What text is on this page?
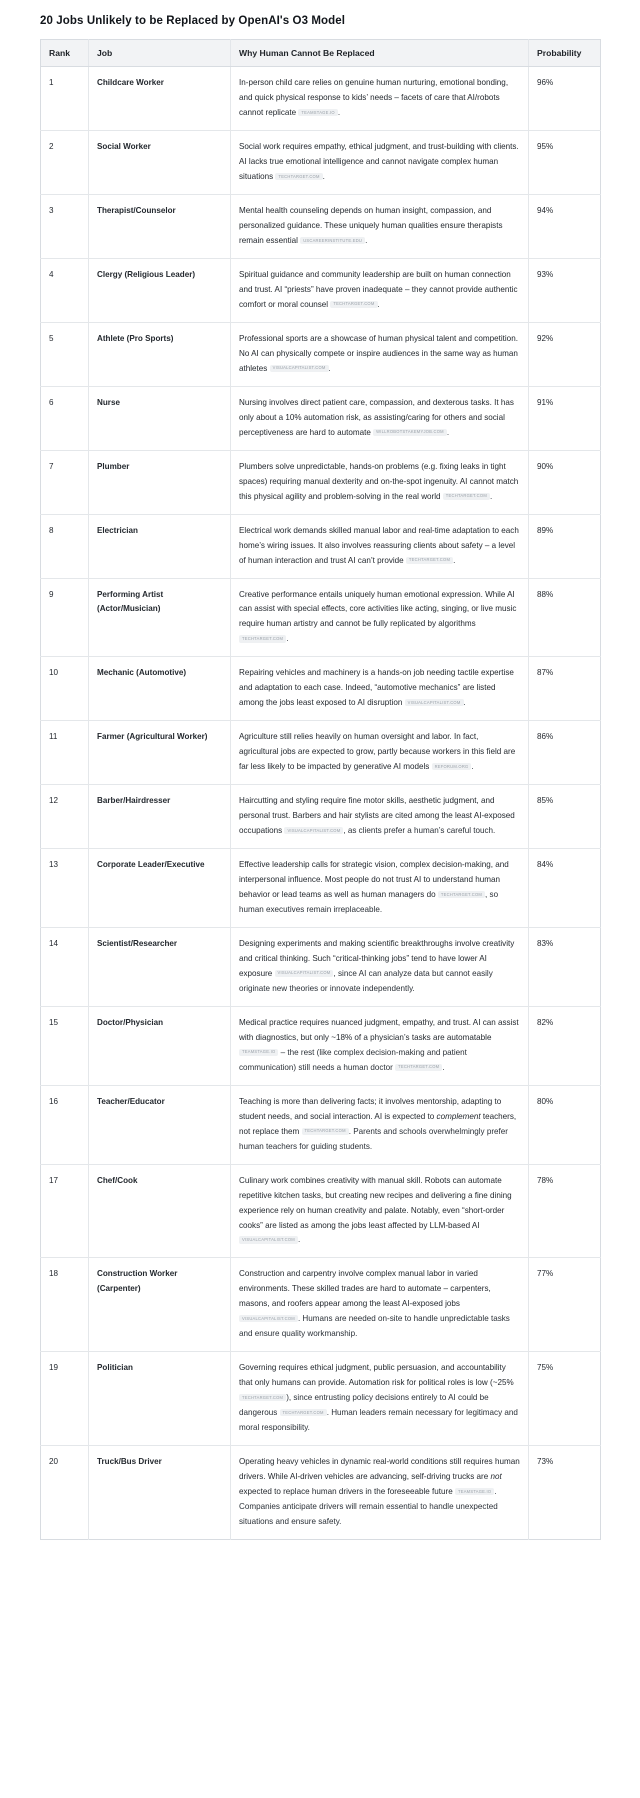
20 Jobs Unlikely to be Replaced by OpenAI's O3 Model
Rank	Job	Why Human Cannot Be Replaced	Probability
1	Childcare Worker	In-person child care relies on genuine human nurturing, emotional bonding, and quick physical response to kids’ needs – facets of care that AI/robots cannot replicate TEAMSTAGE.IO .	96%
2	Social Worker	Social work requires empathy, ethical judgment, and trust-building with clients. AI lacks true emotional intelligence and cannot navigate complex human situations TECHTARGET.COM .	95%
3	Therapist/Counselor	Mental health counseling depends on human insight, compassion, and personalized guidance. These uniquely human qualities ensure therapists remain essential USCAREERINSTITUTE.EDU .	94%
4	Clergy (Religious Leader)	Spiritual guidance and community leadership are built on human connection and trust. AI “priests” have proven inadequate – they cannot provide authentic comfort or moral counsel TECHTARGET.COM .	93%
5	Athlete (Pro Sports)	Professional sports are a showcase of human physical talent and competition. No AI can physically compete or inspire audiences in the same way as human athletes VISUALCAPITALIST.COM .	92%
6	Nurse	Nursing involves direct patient care, compassion, and dexterous tasks. It has only about a 10% automation risk, as assisting/caring for others and social perceptiveness are hard to automate WILLROBOTSTAKEMYJOB.COM .	91%
7	Plumber	Plumbers solve unpredictable, hands-on problems (e.g. fixing leaks in tight spaces) requiring manual dexterity and on-the-spot ingenuity. AI cannot match this physical agility and problem-solving in the real world TECHTARGET.COM .	90%
8	Electrician	Electrical work demands skilled manual labor and real-time adaptation to each home’s wiring issues. It also involves reassuring clients about safety – a level of human interaction and trust AI can’t provide TECHTARGET.COM .	89%
9	Performing Artist (Actor/Musician)	Creative performance entails uniquely human emotional expression. While AI can assist with special effects, core activities like acting, singing, or live music require human artistry and cannot be fully replicated by algorithms TECHTARGET.COM .	88%
10	Mechanic (Automotive)	Repairing vehicles and machinery is a hands-on job needing tactile expertise and adaptation to each case. Indeed, “automotive mechanics” are listed among the jobs least exposed to AI disruption VISUALCAPITALIST.COM .	87%
11	Farmer (Agricultural Worker)	Agriculture still relies heavily on human oversight and labor. In fact, agricultural jobs are expected to grow, partly because workers in this field are far less likely to be impacted by generative AI models REFORUM.ORG .	86%
12	Barber/Hairdresser	Haircutting and styling require fine motor skills, aesthetic judgment, and personal trust. Barbers and hair stylists are cited among the least AI-exposed occupations VISUALCAPITALIST.COM , as clients prefer a human’s careful touch.	85%
13	Corporate Leader/Executive	Effective leadership calls for strategic vision, complex decision-making, and interpersonal influence. Most people do not trust AI to understand human behavior or lead teams as well as human managers do TECHTARGET.COM , so human executives remain irreplaceable.	84%
14	Scientist/Researcher	Designing experiments and making scientific breakthroughs involve creativity and critical thinking. Such “critical-thinking jobs” tend to have lower AI exposure VISUALCAPITALIST.COM , since AI can analyze data but cannot easily originate new theories or innovate independently.	83%
15	Doctor/Physician	Medical practice requires nuanced judgment, empathy, and trust. AI can assist with diagnostics, but only ~18% of a physician’s tasks are automatable TEAMSTAGE.IO – the rest (like complex decision-making and patient communication) still needs a human doctor TECHTARGET.COM .	82%
16	Teacher/Educator	Teaching is more than delivering facts; it involves mentorship, adapting to student needs, and social interaction. AI is expected to complement teachers, not replace them TECHTARGET.COM . Parents and schools overwhelmingly prefer human teachers for guiding students.	80%
17	Chef/Cook	Culinary work combines creativity with manual skill. Robots can automate repetitive kitchen tasks, but creating new recipes and delivering a fine dining experience rely on human creativity and palate. Notably, even “short-order cooks” are listed as among the jobs least affected by LLM-based AI VISUALCAPITALIST.COM .	78%
18	Construction Worker (Carpenter)	Construction and carpentry involve complex manual labor in varied environments. These skilled trades are hard to automate – carpenters, masons, and roofers appear among the least AI-exposed jobs VISUALCAPITALIST.COM . Humans are needed on-site to handle unpredictable tasks and ensure quality workmanship.	77%
19	Politician	Governing requires ethical judgment, public persuasion, and accountability that only humans can provide. Automation risk for political roles is low (~25% TECHTARGET.COM ), since entrusting policy decisions entirely to AI could be dangerous TECHTARGET.COM . Human leaders remain necessary for legitimacy and moral responsibility.	75%
20	Truck/Bus Driver	Operating heavy vehicles in dynamic real-world conditions still requires human drivers. While AI-driven vehicles are advancing, self-driving trucks are not expected to replace human drivers in the foreseeable future TEAMSTAGE.IO . Companies anticipate drivers will remain essential to handle unexpected situations and ensure safety.	73%
